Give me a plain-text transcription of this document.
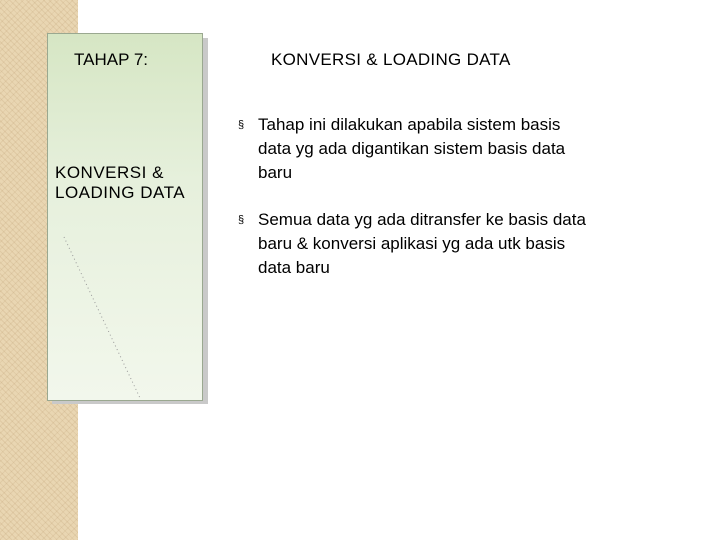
TAHAP 7:
KONVERSI & LOADING DATA
KONVERSI & LOADING DATA
§ Tahap ini dilakukan apabila sistem basis data yg ada digantikan sistem basis data baru
§ Semua data yg ada ditransfer ke basis data baru & konversi aplikasi yg ada utk basis data baru
